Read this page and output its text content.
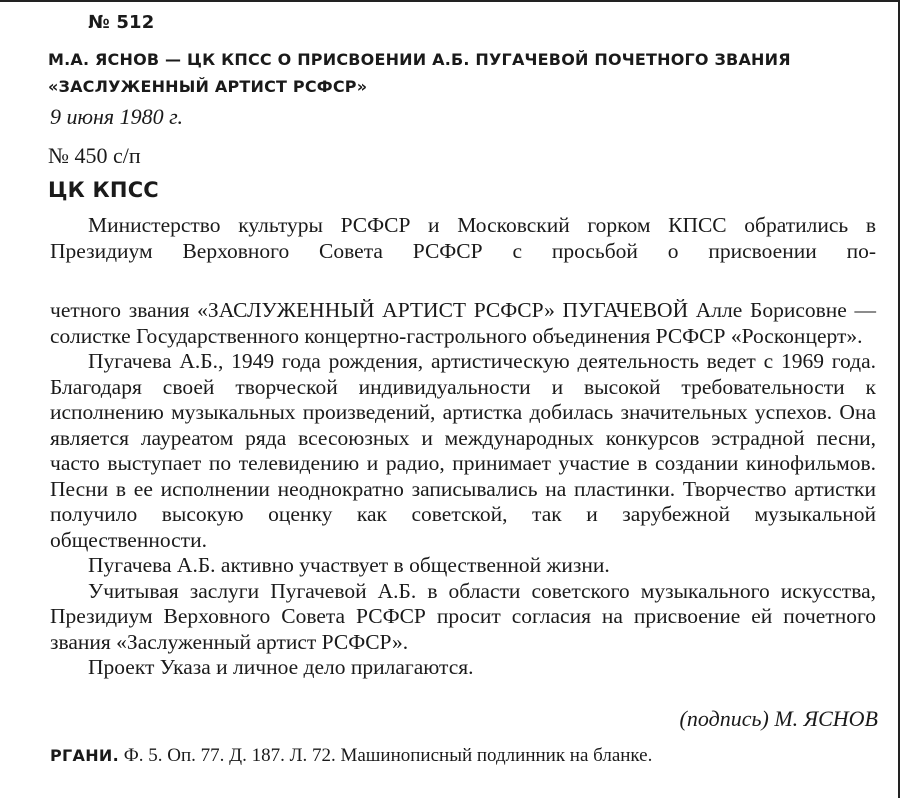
№ 512
М.А. ЯСНОВ — ЦК КПСС О ПРИСВОЕНИИ А.Б. ПУГАЧЕВОЙ ПОЧЕТНОГО ЗВАНИЯ
«ЗАСЛУЖЕННЫЙ АРТИСТ РСФСР»
9 июня 1980 г.
№ 450 с/п
ЦК КПСС
Министерство культуры РСФСР и Московский горком КПСС обратились в Президиум Верховного Совета РСФСР с просьбой о присвоении по-
четного звания «ЗАСЛУЖЕННЫЙ АРТИСТ РСФСР» ПУГАЧЕВОЙ Алле Борисовне — солистке Государственного концертно-гастрольного объединения РСФСР «Росконцерт».
Пугачева А.Б., 1949 года рождения, артистическую деятельность ведет с 1969 года. Благодаря своей творческой индивидуальности и высокой требовательности к исполнению музыкальных произведений, артистка добилась значительных успехов. Она является лауреатом ряда всесоюзных и международных конкурсов эстрадной песни, часто выступает по телевидению и радио, принимает участие в создании кинофильмов. Песни в ее исполнении неоднократно записывались на пластинки. Творчество артистки получило высокую оценку как советской, так и зарубежной музыкальной общественности.
Пугачева А.Б. активно участвует в общественной жизни.
Учитывая заслуги Пугачевой А.Б. в области советского музыкального искусства, Президиум Верховного Совета РСФСР просит согласия на присвоение ей почетного звания «Заслуженный артист РСФСР».
Проект Указа и личное дело прилагаются.
(подпись) М. ЯСНОВ
РГАНИ. Ф. 5. Оп. 77. Д. 187. Л. 72. Машинописный подлинник на бланке.
